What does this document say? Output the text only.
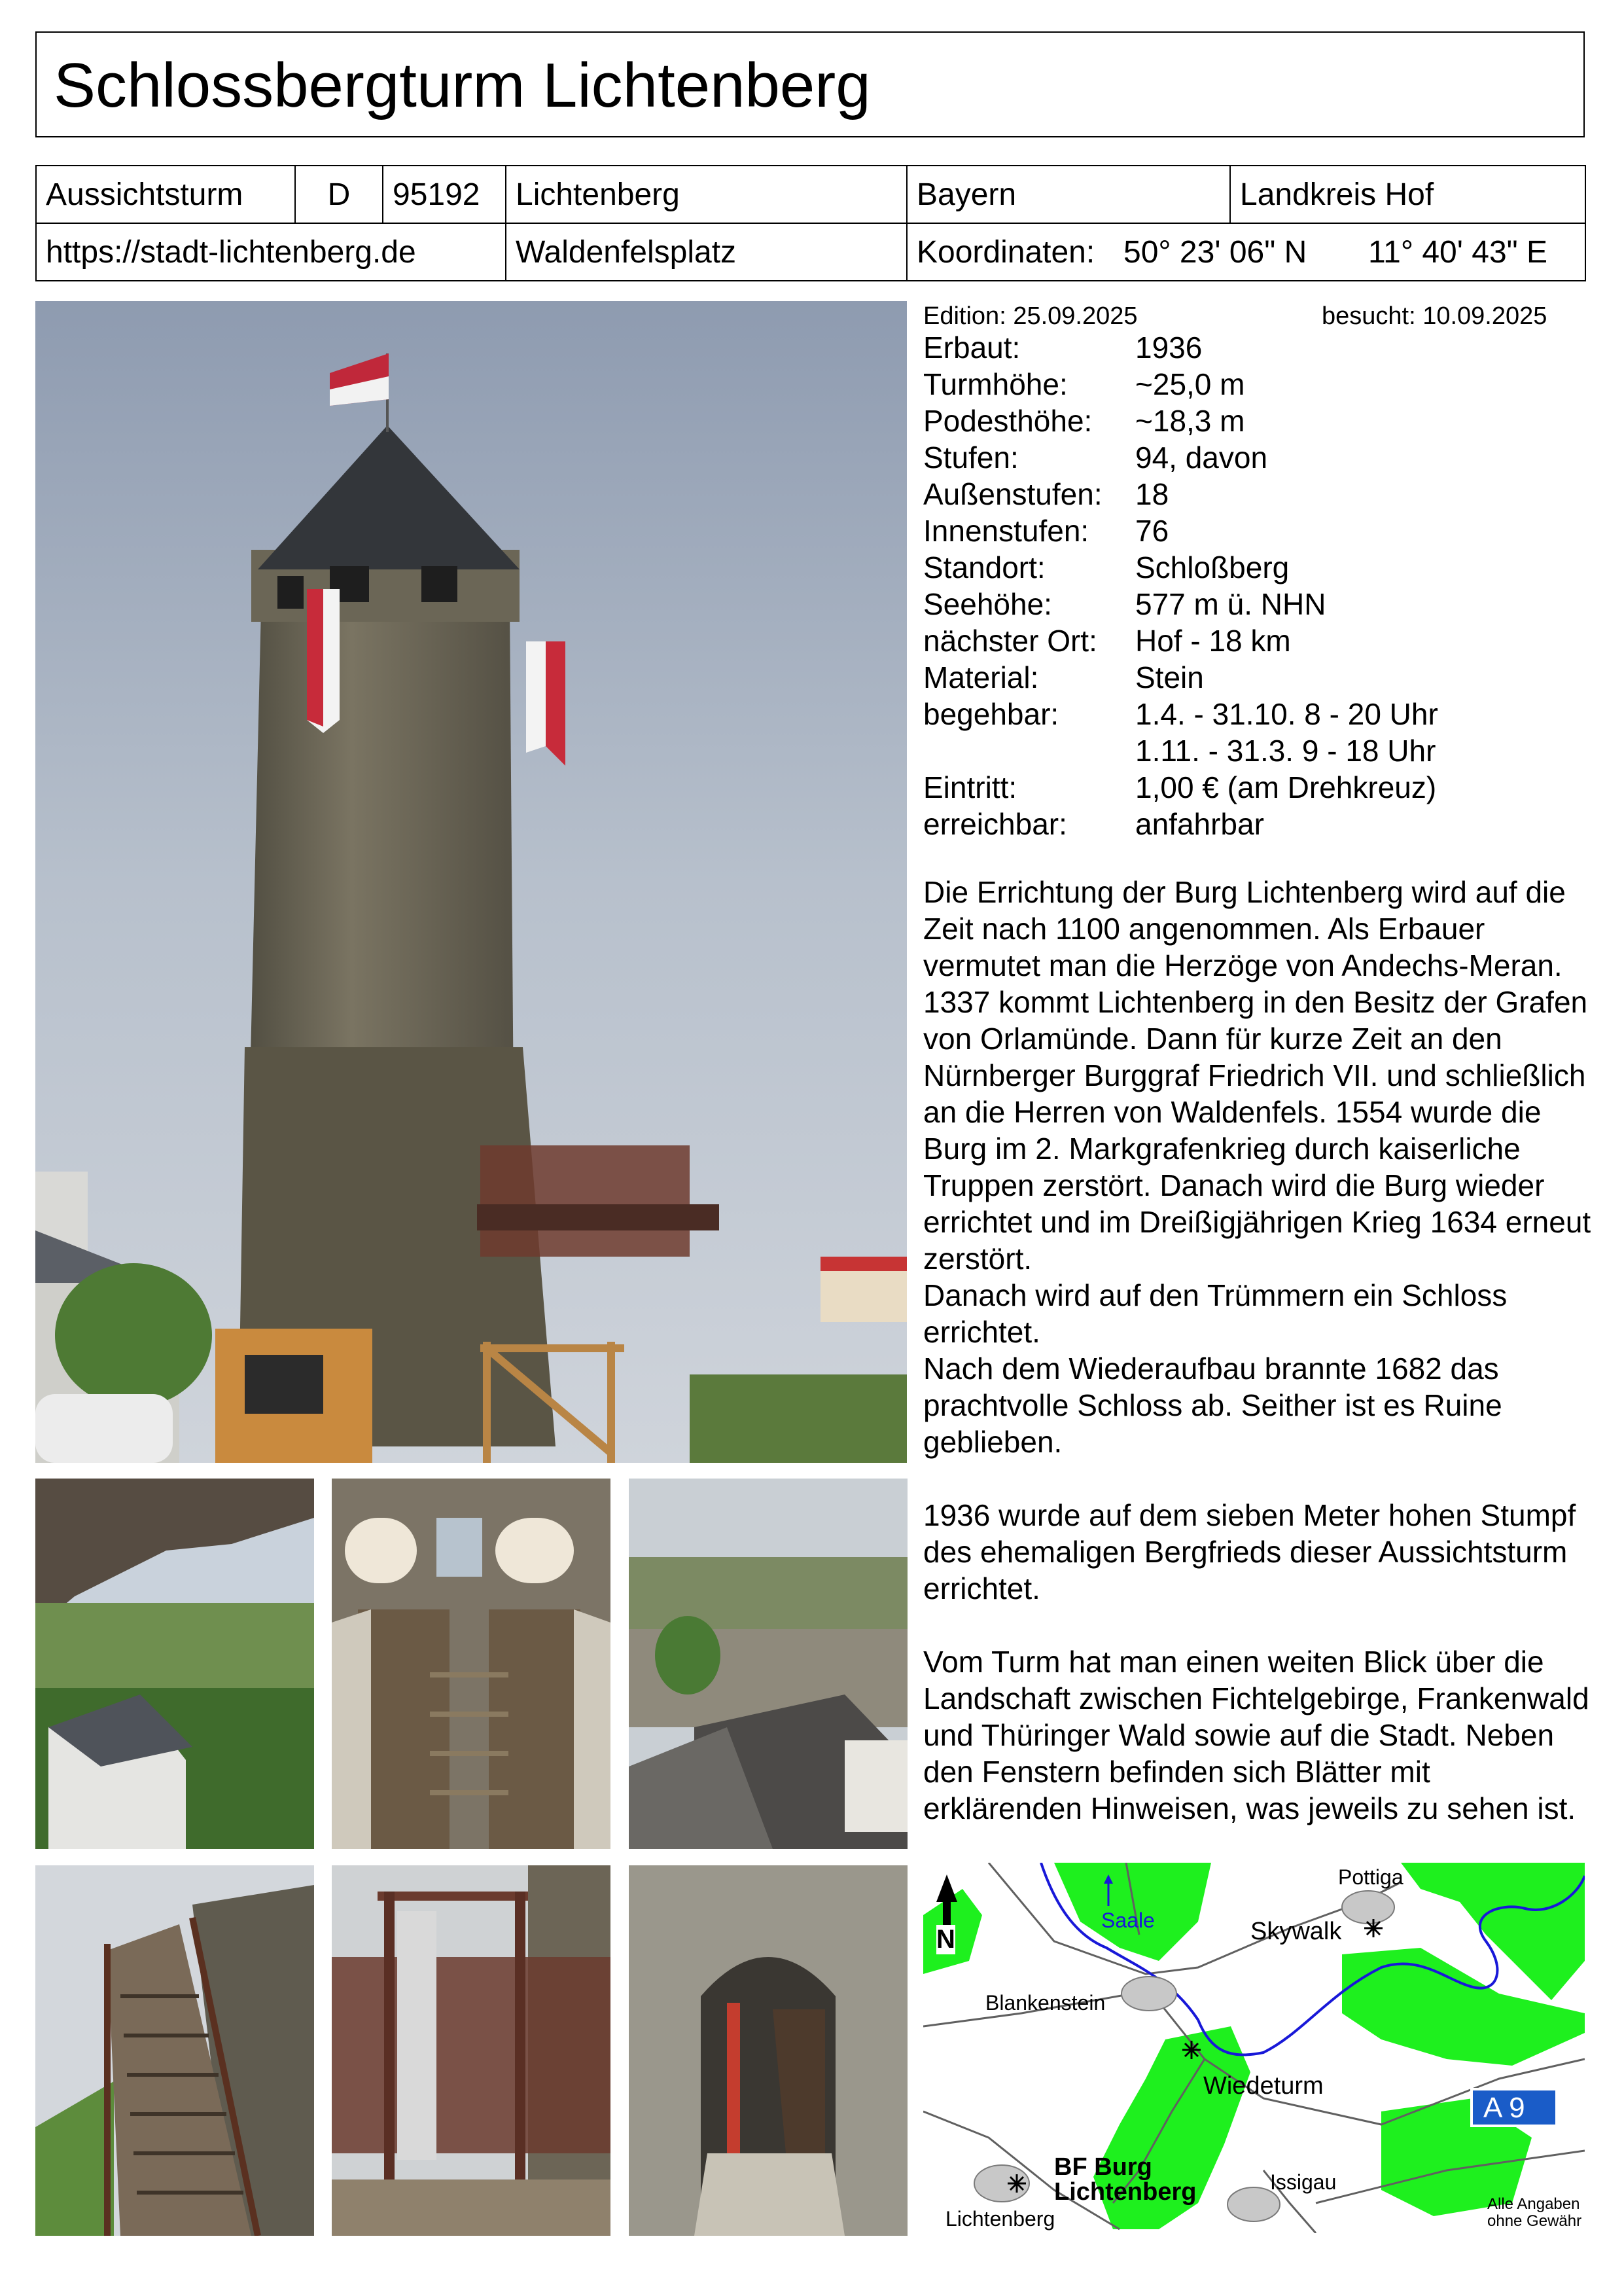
Schlossbergturm Lichtenberg
Aussichtsturm	D	95192	Lichtenberg	Bayern	Landkreis Hof
https://stadt-lichtenberg.de			Waldenfelsplatz	Koordinaten: 50° 23' 06" N 11° 40' 43" E	
Edition: 25.09.2025	besucht: 10.09.2025
Erbaut:	1936
Turmhöhe: ~25,0 m
Podesthöhe: ~18,3 m
Stufen:	94, davon
Außenstufen: 18
Innenstufen: 76
Standort:	Schloßberg
Seehöhe:	577 m ü. NHN
nächster Ort: Hof - 18 km
Material:	Stein
begehbar:	1.4. - 31.10. 8 - 20 Uhr
1.11. - 31.3. 9 - 18 Uhr
Eintritt:	1,00 € (am Drehkreuz)
erreichbar: anfahrbar

Die Errichtung der Burg Lichtenberg wird auf die Zeit nach 1100 angenommen. Als Erbauer vermutet man die Herzöge von Andechs-Meran. 1337 kommt Lichtenberg in den Besitz der Grafen von Orlamünde. Dann für kurze Zeit an den Nürnberger Burggraf Friedrich VII. und schließlich an die Herren von Waldenfels. 1554 wurde die Burg im 2. Markgrafenkrieg durch kaiserliche Truppen zerstört. Danach wird die Burg wieder errichtet und im Dreißigjährigen Krieg 1634 erneut zerstört.

Danach wird auf den Trümmern ein Schloss errichtet.

Nach dem Wiederaufbau brannte 1682 das prachtvolle Schloss ab. Seither ist es Ruine geblieben.

1936 wurde auf dem sieben Meter hohen Stumpf des ehemaligen Bergfrieds dieser Aussichtsturm errichtet.

Vom Turm hat man einen weiten Blick über die Landschaft zwischen Fichtelgebirge, Frankenwald und Thüringer Wald sowie auf die Stadt. Neben den Fenstern befinden sich Blätter mit erklärenden Hinweisen, was jeweils zu sehen ist.

N
Saale
Pottiga
Skywalk
Blankenstein
Wiedeturm
A 9
BF Burg
Lichtenberg	Issigau
Lichtenberg
Alle Angaben
ohne Gewähr
